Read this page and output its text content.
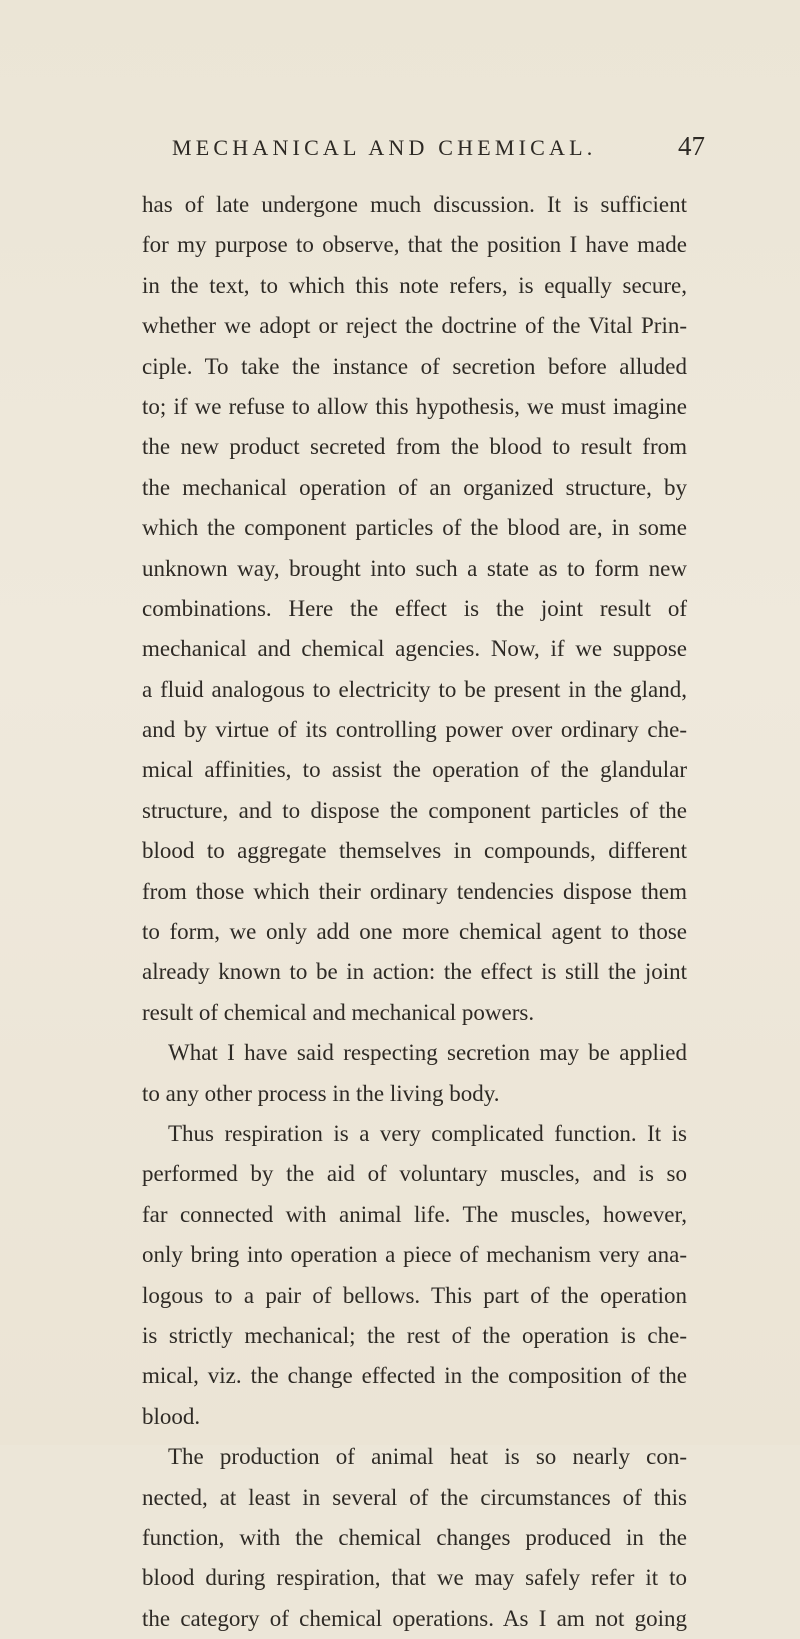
MECHANICAL AND CHEMICAL.	47
has of late undergone much discussion. It is sufficient
for my purpose to observe, that the position I have made
in the text, to which this note refers, is equally secure,
whether we adopt or reject the doctrine of the Vital Prin-
ciple. To take the instance of secretion before alluded
to; if we refuse to allow this hypothesis, we must imagine
the new product secreted from the blood to result from
the mechanical operation of an organized structure, by
which the component particles of the blood are, in some
unknown way, brought into such a state as to form new
combinations. Here the effect is the joint result of
mechanical and chemical agencies. Now, if we suppose
a fluid analogous to electricity to be present in the gland,
and by virtue of its controlling power over ordinary che-
mical affinities, to assist the operation of the glandular
structure, and to dispose the component particles of the
blood to aggregate themselves in compounds, different
from those which their ordinary tendencies dispose them
to form, we only add one more chemical agent to those
already known to be in action: the effect is still the joint
result of chemical and mechanical powers.
What I have said respecting secretion may be applied
to any other process in the living body.
Thus respiration is a very complicated function. It is
performed by the aid of voluntary muscles, and is so
far connected with animal life. The muscles, however,
only bring into operation a piece of mechanism very ana-
logous to a pair of bellows. This part of the operation
is strictly mechanical; the rest of the operation is che-
mical, viz. the change effected in the composition of the
blood.
The production of animal heat is so nearly con-
nected, at least in several of the circumstances of this
function, with the chemical changes produced in the
blood during respiration, that we may safely refer it to
the category of chemical operations. As I am not going
